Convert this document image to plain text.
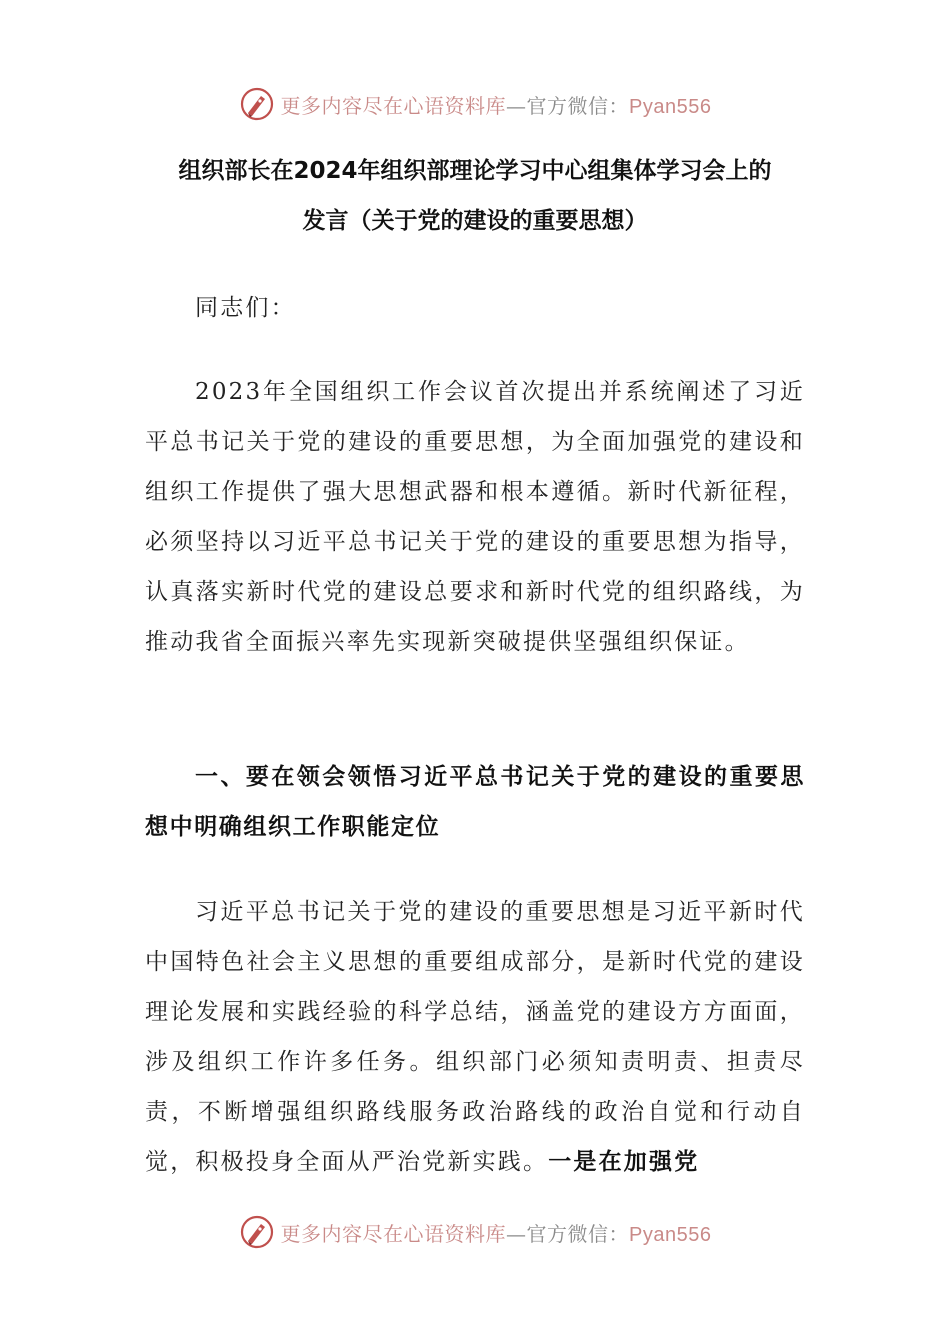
更多内容尽在心语资料库—官方微信：Pyan556
组织部长在2024年组织部理论学习中心组集体学习会上的
发言（关于党的建设的重要思想）

同志们：

2023年全国组织工作会议首次提出并系统阐述了习近平总书记关于党的建设的重要思想，为全面加强党的建设和组织工作提供了强大思想武器和根本遵循。新时代新征程，必须坚持以习近平总书记关于党的建设的重要思想为指导，认真落实新时代党的建设总要求和新时代党的组织路线，为推动我省全面振兴率先实现新突破提供坚强组织保证。

一、要在领会领悟习近平总书记关于党的建设的重要思想中明确组织工作职能定位

习近平总书记关于党的建设的重要思想是习近平新时代中国特色社会主义思想的重要组成部分，是新时代党的建设理论发展和实践经验的科学总结，涵盖党的建设方方面面，涉及组织工作许多任务。组织部门必须知责明责、担责尽责，不断增强组织路线服务政治路线的政治自觉和行动自觉，积极投身全面从严治党新实践。一是在加强党

更多内容尽在心语资料库—官方微信：Pyan556
